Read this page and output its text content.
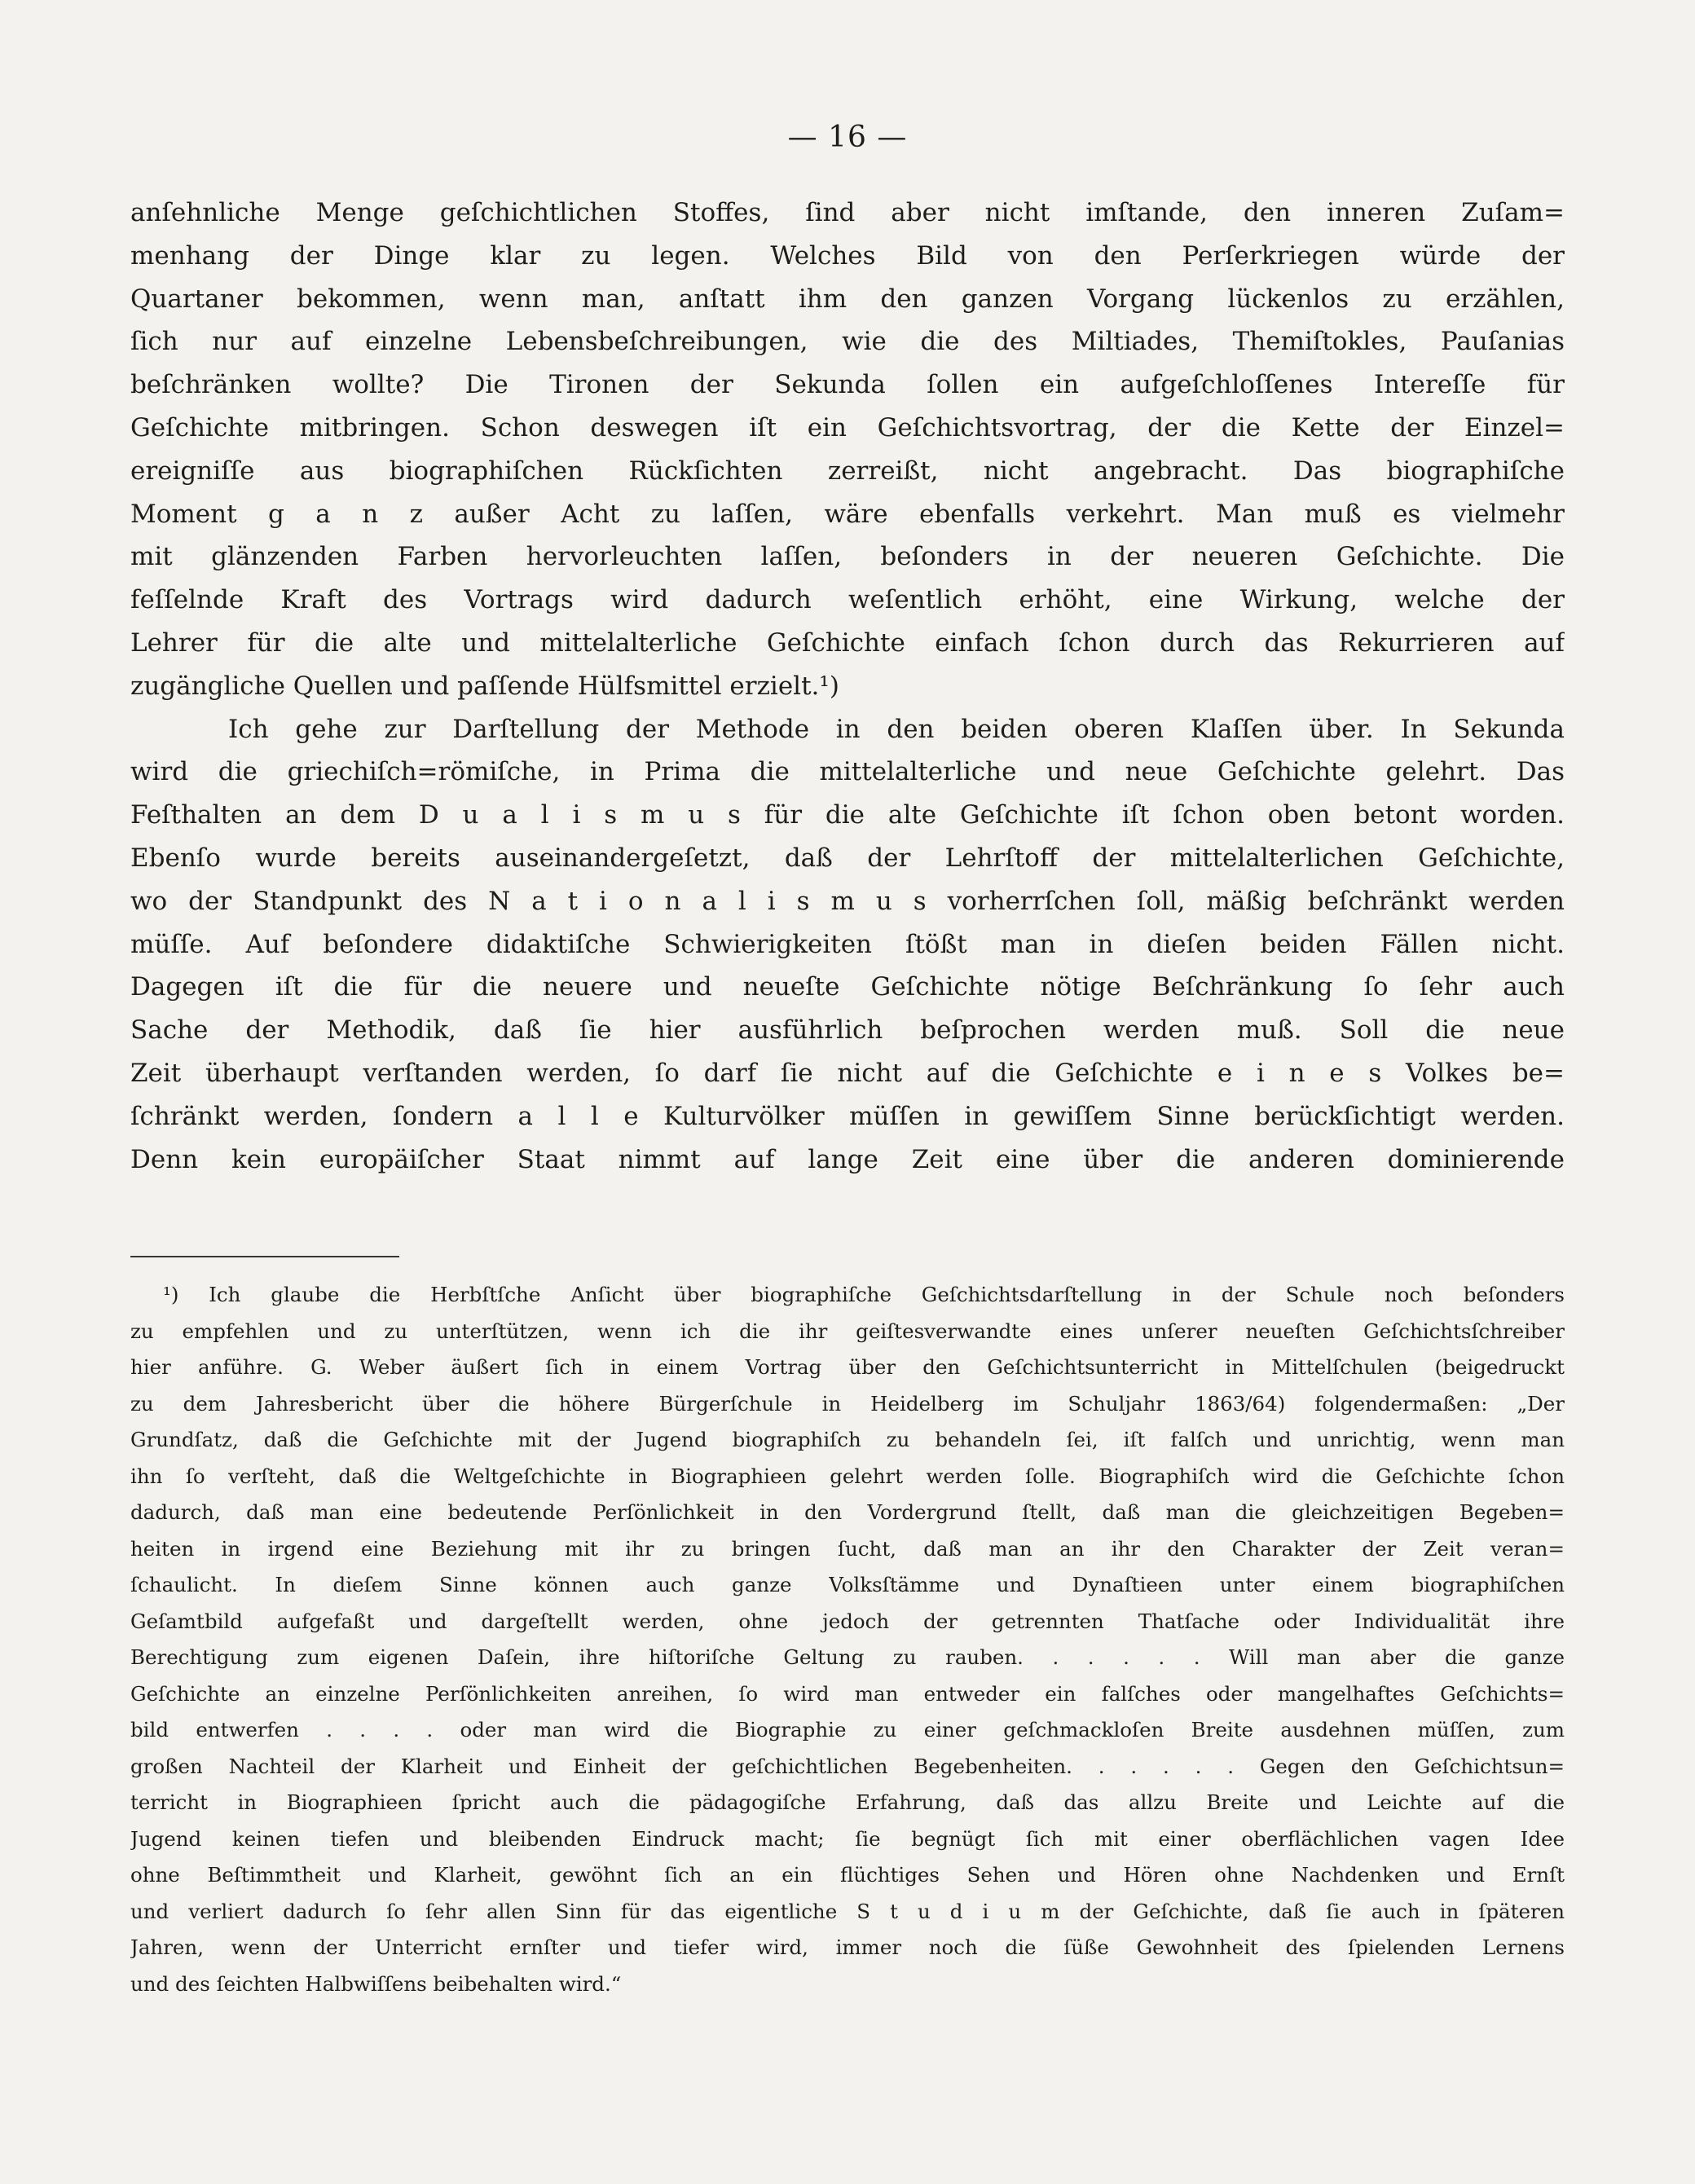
— 16 —
anſehnliche Menge geſchichtlichen Stoffes, ſind aber nicht imſtande, den inneren Zuſam=
menhang der Dinge klar zu legen. Welches Bild von den Perſerkriegen würde der
Quartaner bekommen, wenn man, anſtatt ihm den ganzen Vorgang lückenlos zu erzählen,
ſich nur auf einzelne Lebensbeſchreibungen, wie die des Miltiades, Themiſtokles, Pauſanias
beſchränken wollte? Die Tironen der Sekunda ſollen ein aufgeſchloſſenes Intereſſe für
Geſchichte mitbringen. Schon deswegen iſt ein Geſchichtsvortrag, der die Kette der Einzel=
ereigniſſe aus biographiſchen Rückſichten zerreißt, nicht angebracht. Das biographiſche
Moment g a n z außer Acht zu laſſen, wäre ebenfalls verkehrt. Man muß es vielmehr
mit glänzenden Farben hervorleuchten laſſen, beſonders in der neueren Geſchichte. Die
feſſelnde Kraft des Vortrags wird dadurch weſentlich erhöht, eine Wirkung, welche der
Lehrer für die alte und mittelalterliche Geſchichte einfach ſchon durch das Rekurrieren auf
zugängliche Quellen und paſſende Hülfsmittel erzielt.¹)
Ich gehe zur Darſtellung der Methode in den beiden oberen Klaſſen über. In Sekunda
wird die griechiſch=römiſche, in Prima die mittelalterliche und neue Geſchichte gelehrt. Das
Feſthalten an dem D u a l i s m u s für die alte Geſchichte iſt ſchon oben betont worden.
Ebenſo wurde bereits auseinandergeſetzt, daß der Lehrſtoff der mittelalterlichen Geſchichte,
wo der Standpunkt des N a t i o n a l i s m u s vorherrſchen ſoll, mäßig beſchränkt werden
müſſe. Auf beſondere didaktiſche Schwierigkeiten ſtößt man in dieſen beiden Fällen nicht.
Dagegen iſt die für die neuere und neueſte Geſchichte nötige Beſchränkung ſo ſehr auch
Sache der Methodik, daß ſie hier ausführlich beſprochen werden muß. Soll die neue
Zeit überhaupt verſtanden werden, ſo darf ſie nicht auf die Geſchichte e i n e s Volkes be=
ſchränkt werden, ſondern a l l e Kulturvölker müſſen in gewiſſem Sinne berückſichtigt werden.
Denn kein europäiſcher Staat nimmt auf lange Zeit eine über die anderen dominierende
¹) Ich glaube die Herbſtſche Anſicht über biographiſche Geſchichtsdarſtellung in der Schule noch beſonders
zu empfehlen und zu unterſtützen, wenn ich die ihr geiſtesverwandte eines unſerer neueſten Geſchichtsſchreiber
hier anführe. G. Weber äußert ſich in einem Vortrag über den Geſchichtsunterricht in Mittelſchulen (beigedruckt
zu dem Jahresbericht über die höhere Bürgerſchule in Heidelberg im Schuljahr 1863/64) folgendermaßen: „Der
Grundſatz, daß die Geſchichte mit der Jugend biographiſch zu behandeln ſei, iſt falſch und unrichtig, wenn man
ihn ſo verſteht, daß die Weltgeſchichte in Biographieen gelehrt werden ſolle. Biographiſch wird die Geſchichte ſchon
dadurch, daß man eine bedeutende Perſönlichkeit in den Vordergrund ſtellt, daß man die gleichzeitigen Begeben=
heiten in irgend eine Beziehung mit ihr zu bringen ſucht, daß man an ihr den Charakter der Zeit veran=
ſchaulicht. In dieſem Sinne können auch ganze Volksſtämme und Dynaſtieen unter einem biographiſchen
Geſamtbild aufgefaßt und dargeſtellt werden, ohne jedoch der getrennten Thatſache oder Individualität ihre
Berechtigung zum eigenen Daſein, ihre hiſtoriſche Geltung zu rauben. . . . . . Will man aber die ganze
Geſchichte an einzelne Perſönlichkeiten anreihen, ſo wird man entweder ein falſches oder mangelhaftes Geſchichts=
bild entwerfen . . . . oder man wird die Biographie zu einer geſchmackloſen Breite ausdehnen müſſen, zum
großen Nachteil der Klarheit und Einheit der geſchichtlichen Begebenheiten. . . . . . Gegen den Geſchichtsun=
terricht in Biographieen ſpricht auch die pädagogiſche Erfahrung, daß das allzu Breite und Leichte auf die
Jugend keinen tiefen und bleibenden Eindruck macht; ſie begnügt ſich mit einer oberflächlichen vagen Idee
ohne Beſtimmtheit und Klarheit, gewöhnt ſich an ein flüchtiges Sehen und Hören ohne Nachdenken und Ernſt
und verliert dadurch ſo ſehr allen Sinn für das eigentliche S t u d i u m der Geſchichte, daß ſie auch in ſpäteren
Jahren, wenn der Unterricht ernſter und tiefer wird, immer noch die ſüße Gewohnheit des ſpielenden Lernens
und des ſeichten Halbwiſſens beibehalten wird.“
